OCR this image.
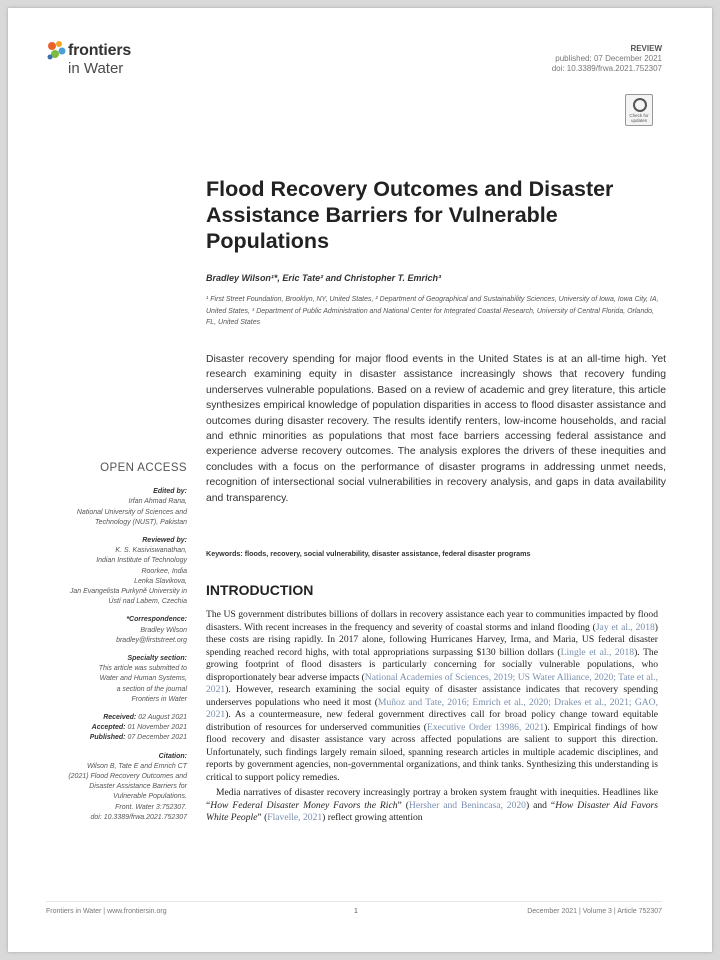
frontiers
in Water
REVIEW
published: 07 December 2021
doi: 10.3389/frwa.2021.752307
Check for updates
Flood Recovery Outcomes and Disaster Assistance Barriers for Vulnerable Populations
Bradley Wilson¹*, Eric Tate² and Christopher T. Emrich³
¹ First Street Foundation, Brooklyn, NY, United States, ² Department of Geographical and Sustainability Sciences, University of Iowa, Iowa City, IA, United States, ³ Department of Public Administration and National Center for Integrated Coastal Research, University of Central Florida, Orlando, FL, United States
Disaster recovery spending for major flood events in the United States is at an all-time high. Yet research examining equity in disaster assistance increasingly shows that recovery funding underserves vulnerable populations. Based on a review of academic and grey literature, this article synthesizes empirical knowledge of population disparities in access to flood disaster assistance and outcomes during disaster recovery. The results identify renters, low-income households, and racial and ethnic minorities as populations that most face barriers accessing federal assistance and experience adverse recovery outcomes. The analysis explores the drivers of these inequities and concludes with a focus on the performance of disaster programs in addressing unmet needs, recognition of intersectional social vulnerabilities in recovery analysis, and gaps in data availability and transparency.
Keywords: floods, recovery, social vulnerability, disaster assistance, federal disaster programs
INTRODUCTION

The US government distributes billions of dollars in recovery assistance each year to communities impacted by flood disasters. With recent increases in the frequency and severity of coastal storms and inland flooding (Jay et al., 2018) these costs are rising rapidly. In 2017 alone, following Hurricanes Harvey, Irma, and Maria, US federal disaster spending reached record highs, with total appropriations surpassing $130 billion dollars (Lingle et al., 2018). The growing footprint of flood disasters is particularly concerning for socially vulnerable populations, who disproportionately bear adverse impacts (National Academies of Sciences, 2019; US Water Alliance, 2020; Tate et al., 2021). However, research examining the social equity of disaster assistance indicates that recovery spending underserves populations who need it most (Muñoz and Tate, 2016; Emrich et al., 2020; Drakes et al., 2021; GAO, 2021). As a countermeasure, new federal government directives call for broad policy change toward equitable distribution of resources for underserved communities (Executive Order 13986, 2021). Empirical findings of how flood recovery and disaster assistance vary across affected populations are salient to support this direction. Unfortunately, such findings largely remain siloed, spanning research articles in multiple academic disciplines, and reports by government agencies, non-governmental organizations, and think tanks. Synthesizing this understanding is critical to support policy remedies.

Media narratives of disaster recovery increasingly portray a broken system fraught with inequities. Headlines like “How Federal Disaster Money Favors the Rich” (Hersher and Benincasa, 2020) and “How Disaster Aid Favors White People” (Flavelle, 2021) reflect growing attention

OPEN ACCESS
Edited by:
Irfan Ahmad Rana,
National University of Sciences and
Technology (NUST), Pakistan
Reviewed by:
K. S. Kasiviswanathan,
Indian Institute of Technology
Roorkee, India
Lenka Slavikova,
Jan Evangelista Purkyně University in
Ústí nad Labem, Czechia
*Correspondence:
Bradley Wilson
bradley@firststreet.org
Specialty section:
This article was submitted to
Water and Human Systems,
a section of the journal
Frontiers in Water
Received: 02 August 2021
Accepted: 01 November 2021
Published: 07 December 2021
Citation:
Wilson B, Tate E and Emrich CT
(2021) Flood Recovery Outcomes and
Disaster Assistance Barriers for
Vulnerable Populations.
Front. Water 3:752307.
doi: 10.3389/frwa.2021.752307
Frontiers in Water | www.frontiersin.org	1	December 2021 | Volume 3 | Article 752307
